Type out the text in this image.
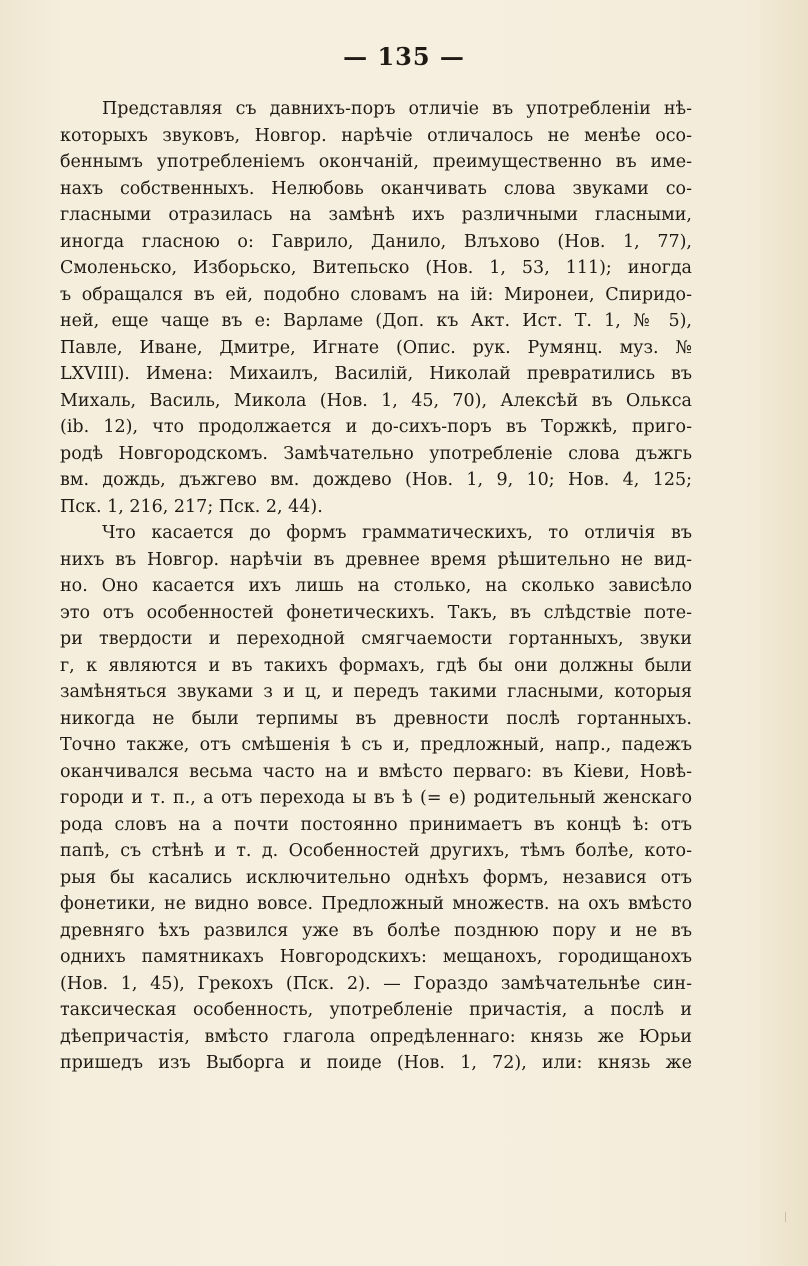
— 135 —
Представляя съ давнихъ-поръ отличіе въ употребленіи нѣ-
которыхъ звуковъ, Новгор. нарѣчіе отличалось не менѣе осо-
беннымъ употребленіемъ окончаній, преимущественно въ име-
нахъ собственныхъ. Нелюбовь оканчивать слова звуками со-
гласными отразилась на замѣнѣ ихъ различными гласными,
иногда гласною о: Гаврило, Данило, Влъхово (Нов. 1, 77),
Смоленьско, Изборьско, Витепьско (Нов. 1, 53, 111); иногда
ъ обращался въ ей, подобно словамъ на ій: Миронеи, Спиридо-
ней, еще чаще въ е: Варламе (Доп. къ Акт. Ист. Т. 1, № 5),
Павле, Иване, Дмитре, Игнате (Опис. рук. Румянц. муз. №
LXVIII). Имена: Михаилъ, Василій, Николай превратились въ
Михаль, Василь, Микола (Нов. 1, 45, 70), Алексѣй въ Ольксa
(ib. 12), что продолжается и до-сихъ-поръ въ Торжкѣ, приго-
родѣ Новгородскомъ. Замѣчательно употребленіе слова дъжгь
вм. дождь, дъжгево вм. дождево (Нов. 1, 9, 10; Нов. 4, 125;
Пск. 1, 216, 217; Пск. 2, 44).
Что касается до формъ грамматическихъ, то отличія въ
нихъ въ Новгор. нарѣчіи въ древнее время рѣшительно не вид-
но. Оно касается ихъ лишь на столько, на сколько зависѣло
это отъ особенностей фонетическихъ. Такъ, въ слѣдствіе поте-
ри твердости и переходной смягчаемости гортанныхъ, звуки
г, к являются и въ такихъ формахъ, гдѣ бы они должны были
замѣняться звуками з и ц, и передъ такими гласными, которыя
никогда не были терпимы въ древности послѣ гортанныхъ.
Точно также, отъ смѣшенія ѣ съ и, предложный, напр., падежъ
оканчивался весьма часто на и вмѣсто перваго: въ Кіеви, Новѣ-
городи и т. п., а отъ перехода ы въ ѣ (= е) родительный женскаго
рода словъ на а почти постоянно принимаетъ въ концѣ ѣ: отъ
папѣ, съ стѣнѣ и т. д. Особенностей другихъ, тѣмъ болѣе, кото-
рыя бы касались исключительно однѣхъ формъ, независя отъ
фонетики, не видно вовсе. Предложный множеств. на охъ вмѣсто
древняго ѣхъ развился уже въ болѣе позднюю пору и не въ
однихъ памятникахъ Новгородскихъ: мещанохъ, городищанохъ
(Нов. 1, 45), Грекохъ (Пск. 2). — Гораздо замѣчательнѣе син-
таксическая особенность, употребленіе причастія, а послѣ и
дѣепричастія, вмѣсто глагола опредѣленнаго: князь же Юрьи
пришедъ изъ Выборга и поиде (Нов. 1, 72), или: князь же
